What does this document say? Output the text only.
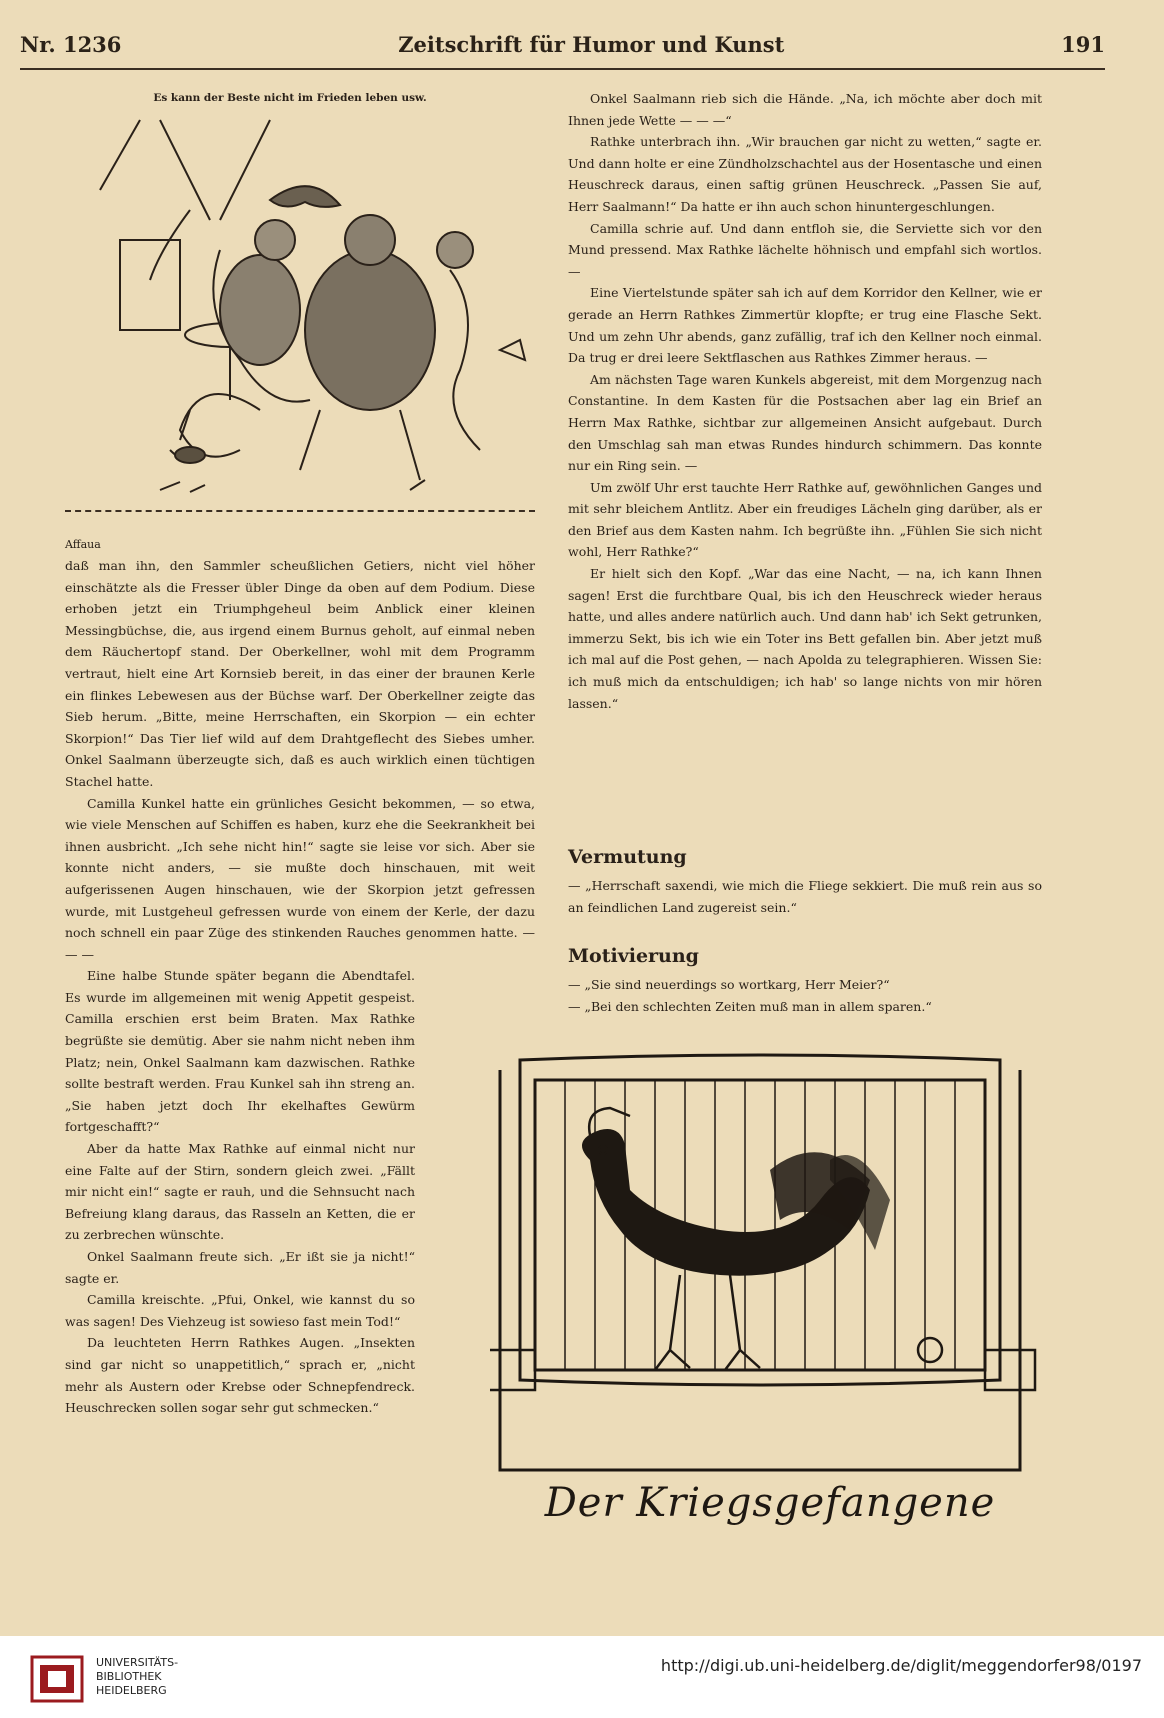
Nr. 1236	Zeitschrift für Humor und Kunst	191
Es kann der Beste nicht im Frieden leben usw.
Affaua

daß man ihn, den Sammler scheußlichen Getiers, nicht viel höher einschätzte als die Fresser übler Dinge da oben auf dem Podium. Diese erhoben jetzt ein Triumphgeheul beim Anblick einer kleinen Messingbüchse, die, aus irgend einem Burnus geholt, auf einmal neben dem Räuchertopf stand. Der Oberkellner, wohl mit dem Programm vertraut, hielt eine Art Kornsieb bereit, in das einer der braunen Kerle ein flinkes Lebewesen aus der Büchse warf. Der Oberkellner zeigte das Sieb herum. „Bitte, meine Herrschaften, ein Skorpion — ein echter Skorpion!“ Das Tier lief wild auf dem Drahtgeflecht des Siebes umher. Onkel Saalmann überzeugte sich, daß es auch wirklich einen tüchtigen Stachel hatte.

Camilla Kunkel hatte ein grünliches Gesicht bekommen, — so etwa, wie viele Menschen auf Schiffen es haben, kurz ehe die Seekrankheit bei ihnen ausbricht. „Ich sehe nicht hin!“ sagte sie leise vor sich. Aber sie konnte nicht anders, — sie mußte doch hinschauen, mit weit aufgerissenen Augen hinschauen, wie der Skorpion jetzt gefressen wurde, mit Lustgeheul gefressen wurde von einem der Kerle, der dazu noch schnell ein paar Züge des stinkenden Rauches genommen hatte. — — —

Eine halbe Stunde später begann die Abendtafel. Es wurde im allgemeinen mit wenig Appetit gespeist. Camilla erschien erst beim Braten. Max Rathke begrüßte sie demütig. Aber sie nahm nicht neben ihm Platz; nein, Onkel Saalmann kam dazwischen. Rathke sollte bestraft werden. Frau Kunkel sah ihn streng an. „Sie haben jetzt doch Ihr ekelhaftes Gewürm fortgeschafft?“

Aber da hatte Max Rathke auf einmal nicht nur eine Falte auf der Stirn, sondern gleich zwei. „Fällt mir nicht ein!“ sagte er rauh, und die Sehnsucht nach Befreiung klang daraus, das Rasseln an Ketten, die er zu zerbrechen wünschte.

Onkel Saalmann freute sich. „Er ißt sie ja nicht!“ sagte er.

Camilla kreischte. „Pfui, Onkel, wie kannst du so was sagen! Des Viehzeug ist sowieso fast mein Tod!“

Da leuchteten Herrn Rathkes Augen. „Insekten sind gar nicht so unappetitlich,“ sprach er, „nicht mehr als Austern oder Krebse oder Schnepfendreck. Heuschrecken sollen sogar sehr gut schmecken.“

Onkel Saalmann rieb sich die Hände. „Na, ich möchte aber doch mit Ihnen jede Wette — — —“

Rathke unterbrach ihn. „Wir brauchen gar nicht zu wetten,“ sagte er. Und dann holte er eine Zündholzschachtel aus der Hosentasche und einen Heuschreck daraus, einen saftig grünen Heuschreck. „Passen Sie auf, Herr Saalmann!“ Da hatte er ihn auch schon hinuntergeschlungen.

Camilla schrie auf. Und dann entfloh sie, die Serviette sich vor den Mund pressend. Max Rathke lächelte höhnisch und empfahl sich wortlos. —

Eine Viertelstunde später sah ich auf dem Korridor den Kellner, wie er gerade an Herrn Rathkes Zimmertür klopfte; er trug eine Flasche Sekt. Und um zehn Uhr abends, ganz zufällig, traf ich den Kellner noch einmal. Da trug er drei leere Sektflaschen aus Rathkes Zimmer heraus. —

Am nächsten Tage waren Kunkels abgereist, mit dem Morgenzug nach Constantine. In dem Kasten für die Postsachen aber lag ein Brief an Herrn Max Rathke, sichtbar zur allgemeinen Ansicht aufgebaut. Durch den Umschlag sah man etwas Rundes hindurch schimmern. Das konnte nur ein Ring sein. —

Um zwölf Uhr erst tauchte Herr Rathke auf, gewöhnlichen Ganges und mit sehr bleichem Antlitz. Aber ein freudiges Lächeln ging darüber, als er den Brief aus dem Kasten nahm. Ich begrüßte ihn. „Fühlen Sie sich nicht wohl, Herr Rathke?“

Er hielt sich den Kopf. „War das eine Nacht, — na, ich kann Ihnen sagen! Erst die furchtbare Qual, bis ich den Heuschreck wieder heraus hatte, und alles andere natürlich auch. Und dann hab' ich Sekt getrunken, immerzu Sekt, bis ich wie ein Toter ins Bett gefallen bin. Aber jetzt muß ich mal auf die Post gehen, — nach Apolda zu telegraphieren. Wissen Sie: ich muß mich da entschuldigen; ich hab' so lange nichts von mir hören lassen.“

Vermutung

— „Herrschaft saxendi, wie mich die Fliege sekkiert. Die muß rein aus so an feindlichen Land zugereist sein.“

Motivierung

— „Sie sind neuerdings so wortkarg, Herr Meier?“

— „Bei den schlechten Zeiten muß man in allem sparen.“

Der Kriegsgefangene
UNIVERSITÄTS-
BIBLIOTHEK
HEIDELBERG
http://digi.ub.uni-heidelberg.de/diglit/meggendorfer98/0197
